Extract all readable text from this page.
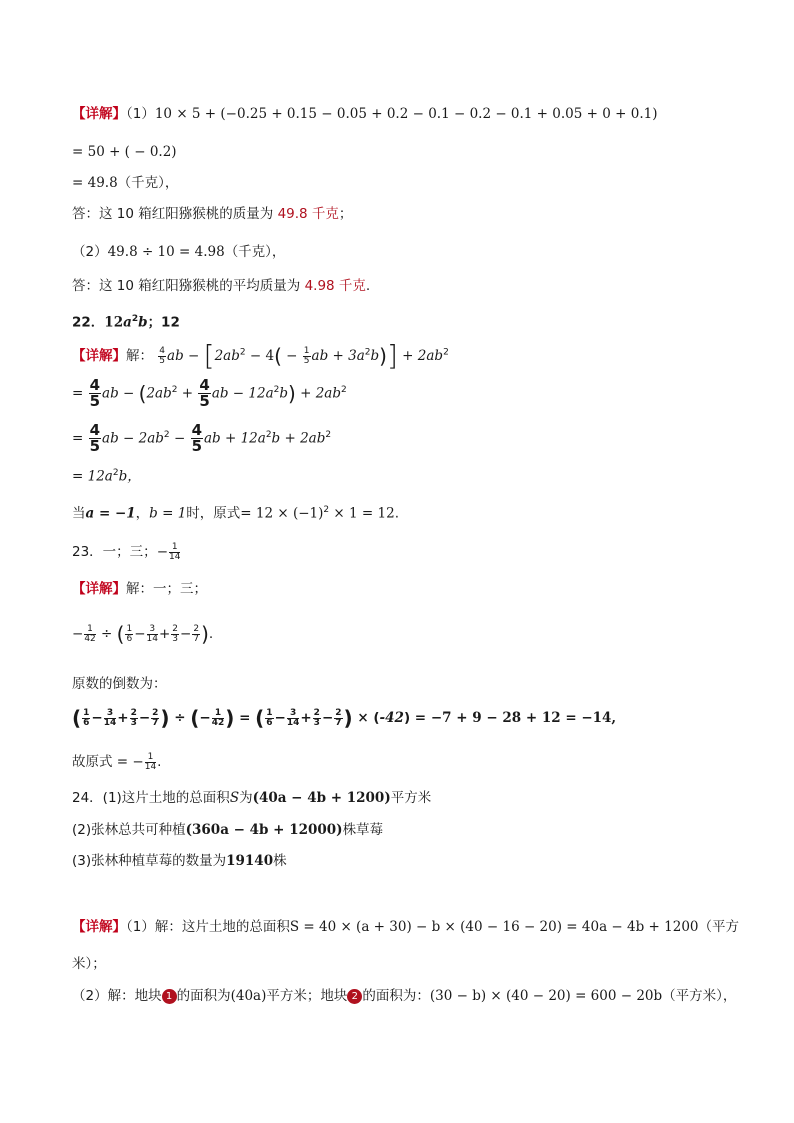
【详解】（1）10 × 5 + (−0.25 + 0.15 − 0.05 + 0.2 − 0.1 − 0.2 − 0.1 + 0.05 + 0 + 0.1)
= 50 + ( − 0.2)
= 49.8（千克），
答：这 10 箱红阳猕猴桃的质量为 49.8 千克；
（2）49.8 ÷ 10 = 4.98（千克），
答：这 10 箱红阳猕猴桃的平均质量为 4.98 千克.
22．$12a^2b$；12
【详解】解： $\frac{4}{5}$ ab − [$2ab^2 - 4( - \frac{1}{5}$ ab + $3a^2b)] + 2ab^2$
= $\frac{4}{5}$ ab − ($2ab^2 + \frac{4}{5}$ ab − $12a^2b) + 2ab^2$
= $\frac{4}{5}$ ab − $2ab^2 - \frac{4}{5}$ ab + $12a^2b + 2ab^2$
= $12a^2b$，
当a = −1，b = 1时，原式= $12 \times (-1)^2 \times 1 = 12$.
23．一；三；− $\frac{1}{14}$
【详解】解：一；三；
− $\frac{1}{42}$ ÷ ( $\frac{1}{6} - \frac{3}{14} + \frac{2}{3} - \frac{2}{7}$ ).
原数的倒数为：
( $\frac{1}{6} - \frac{3}{14} + \frac{2}{3} - \frac{2}{7}$ ) ÷ (− $\frac{1}{42}$ ) = ( $\frac{1}{6} - \frac{3}{14} + \frac{2}{3} - \frac{2}{7}$ ) × (-42) = −7 + 9 − 28 + 12 = −14,
故原式 = − $\frac{1}{14}$ .
24．(1)这片土地的总面积S为(40a − 4b + 1200)平方米
(2)张林总共可种植(360a − 4b + 12000)株草莓
(3)张林种植草莓的数量为19140株
【详解】（1）解：这片土地的总面积S = 40 × (a + 30) − b × (40 − 16 − 20) = 40a − 4b + 1200（平方
米）；
（2）解：地块 1 的面积为(40a)平方米；地块 2 的面积为：(30 − b) × (40 − 20) = 600 − 20b（平方米），
